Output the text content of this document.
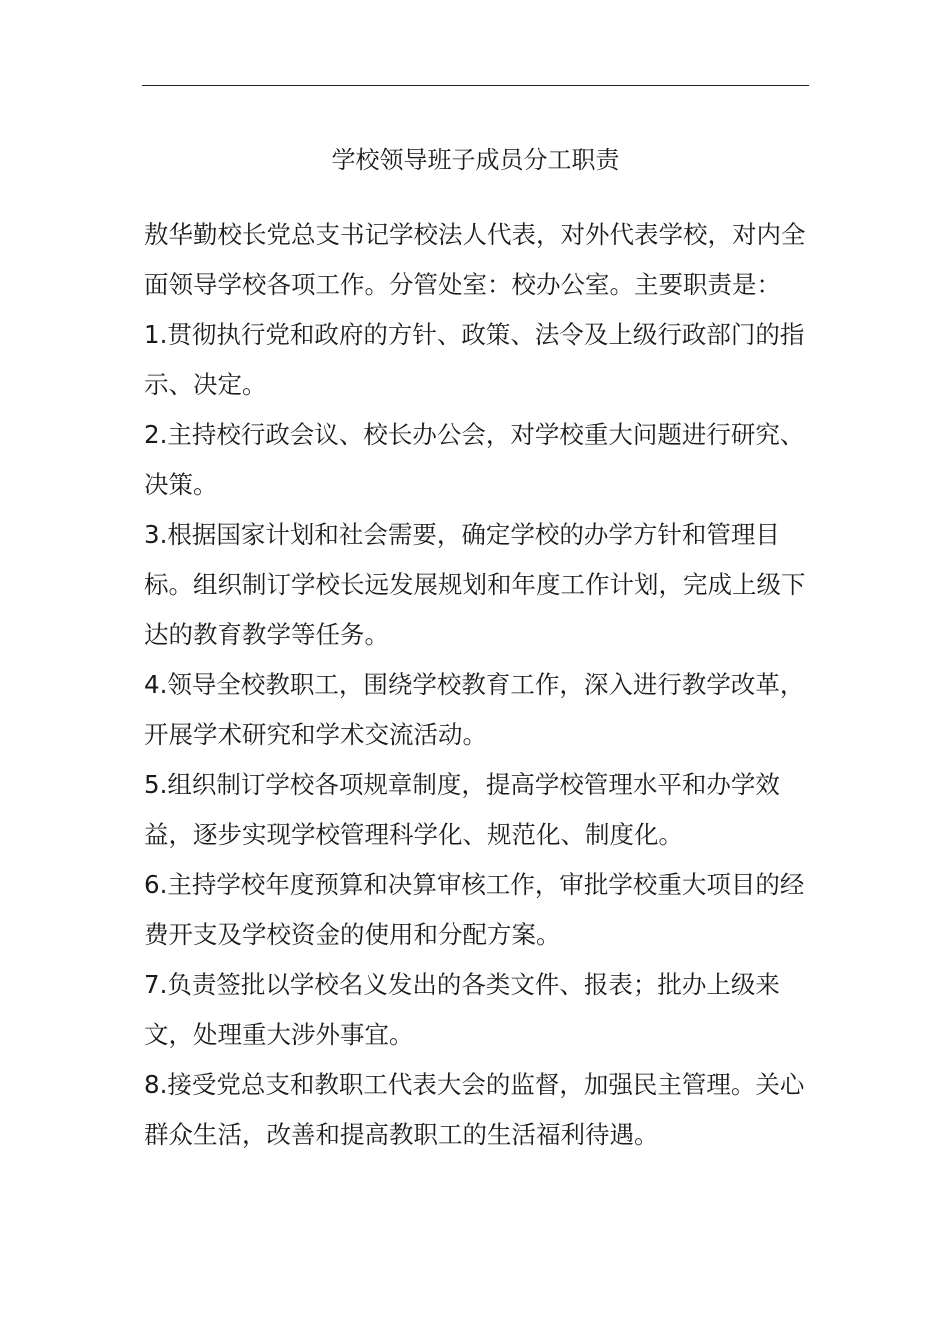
学校领导班子成员分工职责

敖华勤校长党总支书记学校法人代表，对外代表学校，对内全面领导学校各项工作。分管处室：校办公室。主要职责是：

1.贯彻执行党和政府的方针、政策、法令及上级行政部门的指示、决定。

2.主持校行政会议、校长办公会，对学校重大问题进行研究、决策。

3.根据国家计划和社会需要，确定学校的办学方针和管理目标。组织制订学校长远发展规划和年度工作计划，完成上级下达的教育教学等任务。

4.领导全校教职工，围绕学校教育工作，深入进行教学改革，开展学术研究和学术交流活动。

5.组织制订学校各项规章制度，提高学校管理水平和办学效益，逐步实现学校管理科学化、规范化、制度化。

6.主持学校年度预算和决算审核工作，审批学校重大项目的经费开支及学校资金的使用和分配方案。

7.负责签批以学校名义发出的各类文件、报表；批办上级来文，处理重大涉外事宜。

8.接受党总支和教职工代表大会的监督，加强民主管理。关心群众生活，改善和提高教职工的生活福利待遇。
